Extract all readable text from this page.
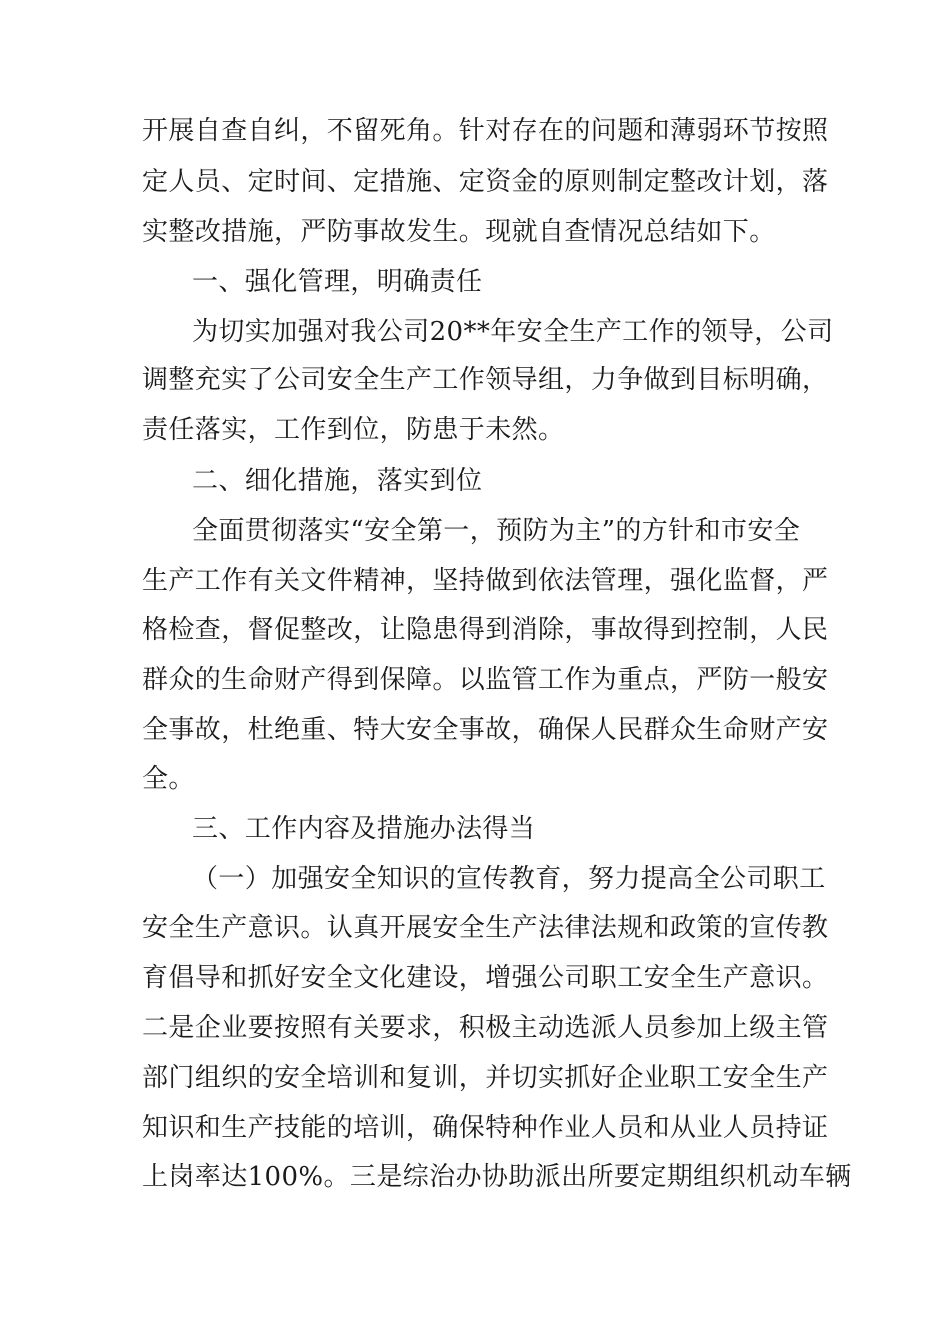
开展自查自纠，不留死角。针对存在的问题和薄弱环节按照
定人员、定时间、定措施、定资金的原则制定整改计划，落
实整改措施，严防事故发生。现就自查情况总结如下。
一、强化管理，明确责任
为切实加强对我公司20**年安全生产工作的领导，公司
调整充实了公司安全生产工作领导组，力争做到目标明确，
责任落实，工作到位，防患于未然。
二、细化措施，落实到位
全面贯彻落实“安全第一，预防为主”的方针和市安全
生产工作有关文件精神，坚持做到依法管理，强化监督，严
格检查，督促整改，让隐患得到消除，事故得到控制，人民
群众的生命财产得到保障。以监管工作为重点，严防一般安
全事故，杜绝重、特大安全事故，确保人民群众生命财产安
全。
三、工作内容及措施办法得当
（一）加强安全知识的宣传教育，努力提高全公司职工
安全生产意识。认真开展安全生产法律法规和政策的宣传教
育倡导和抓好安全文化建设，增强公司职工安全生产意识。
二是企业要按照有关要求，积极主动选派人员参加上级主管
部门组织的安全培训和复训，并切实抓好企业职工安全生产
知识和生产技能的培训，确保特种作业人员和从业人员持证
上岗率达100%。三是综治办协助派出所要定期组织机动车辆
